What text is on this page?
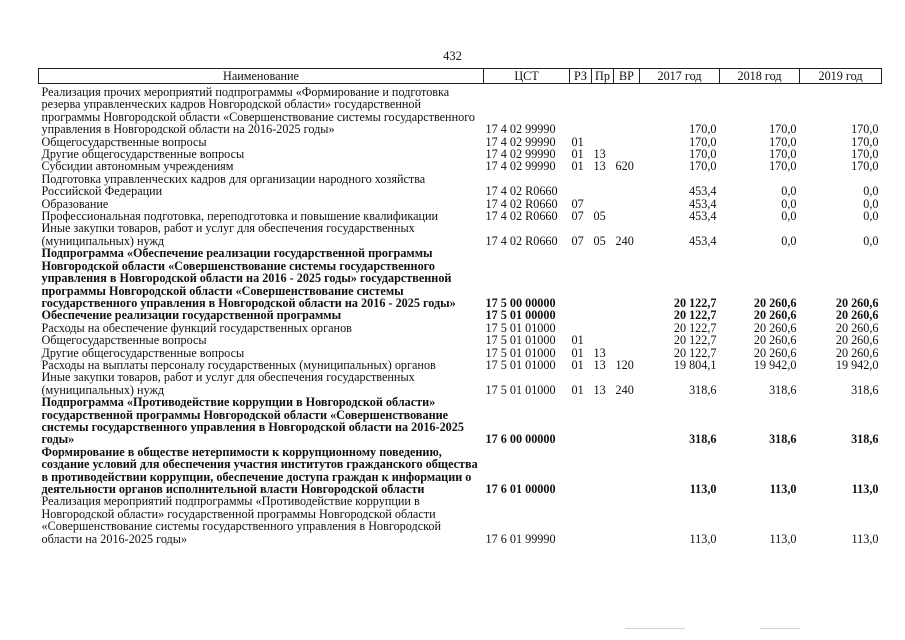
432
Наименование	ЦСТ	РЗ	Пр	ВР	2017 год	2018 год	2019 год
Реализация прочих мероприятий подпрограммы «Формирование и подготовка резерва управленческих кадров Новгородской области» государственной программы Новгородской области «Совершенствование системы государственного управления в Новгородской области на 2016-2025 годы»	17 4 02 99990				170,0	170,0	170,0
Общегосударственные вопросы	17 4 02 99990	01			170,0	170,0	170,0
Другие общегосударственные вопросы	17 4 02 99990	01	13		170,0	170,0	170,0
Субсидии автономным учреждениям	17 4 02 99990	01	13	620	170,0	170,0	170,0
Подготовка управленческих кадров для организации народного хозяйства Российской Федерации	17 4 02 R0660				453,4	0,0	0,0
Образование	17 4 02 R0660	07			453,4	0,0	0,0
Профессиональная подготовка, переподготовка и повышение квалификации	17 4 02 R0660	07	05		453,4	0,0	0,0
Иные закупки товаров, работ и услуг для обеспечения государственных (муниципальных) нужд	17 4 02 R0660	07	05	240	453,4	0,0	0,0
Подпрограмма «Обеспечение реализации государственной программы Новгородской области «Совершенствование системы государственного управления в Новгородской области на 2016 - 2025 годы» государственной программы Новгородской области «Совершенствование системы государственного управления в Новгородской области на 2016 - 2025 годы»	17 5 00 00000				20 122,7	20 260,6	20 260,6
Обеспечение реализации государственной программы	17 5 01 00000				20 122,7	20 260,6	20 260,6
Расходы на обеспечение функций государственных органов	17 5 01 01000				20 122,7	20 260,6	20 260,6
Общегосударственные вопросы	17 5 01 01000	01			20 122,7	20 260,6	20 260,6
Другие общегосударственные вопросы	17 5 01 01000	01	13		20 122,7	20 260,6	20 260,6
Расходы на выплаты персоналу государственных (муниципальных) органов	17 5 01 01000	01	13	120	19 804,1	19 942,0	19 942,0
Иные закупки товаров, работ и услуг для обеспечения государственных (муниципальных) нужд	17 5 01 01000	01	13	240	318,6	318,6	318,6
Подпрограмма «Противодействие коррупции в Новгородской области» государственной программы Новгородской области «Совершенствование системы государственного управления в Новгородской области на 2016-2025 годы»	17 6 00 00000				318,6	318,6	318,6
Формирование в обществе нетерпимости к коррупционному поведению, создание условий для обеспечения участия институтов гражданского общества в противодействии коррупции, обеспечение доступа граждан к информации о деятельности органов исполнительной власти Новгородской области	17 6 01 00000				113,0	113,0	113,0
Реализация мероприятий подпрограммы «Противодействие коррупции в Новгородской области» государственной программы Новгородской области «Совершенствование системы государственного управления в Новгородской области на 2016-2025 годы»	17 6 01 99990				113,0	113,0	113,0
